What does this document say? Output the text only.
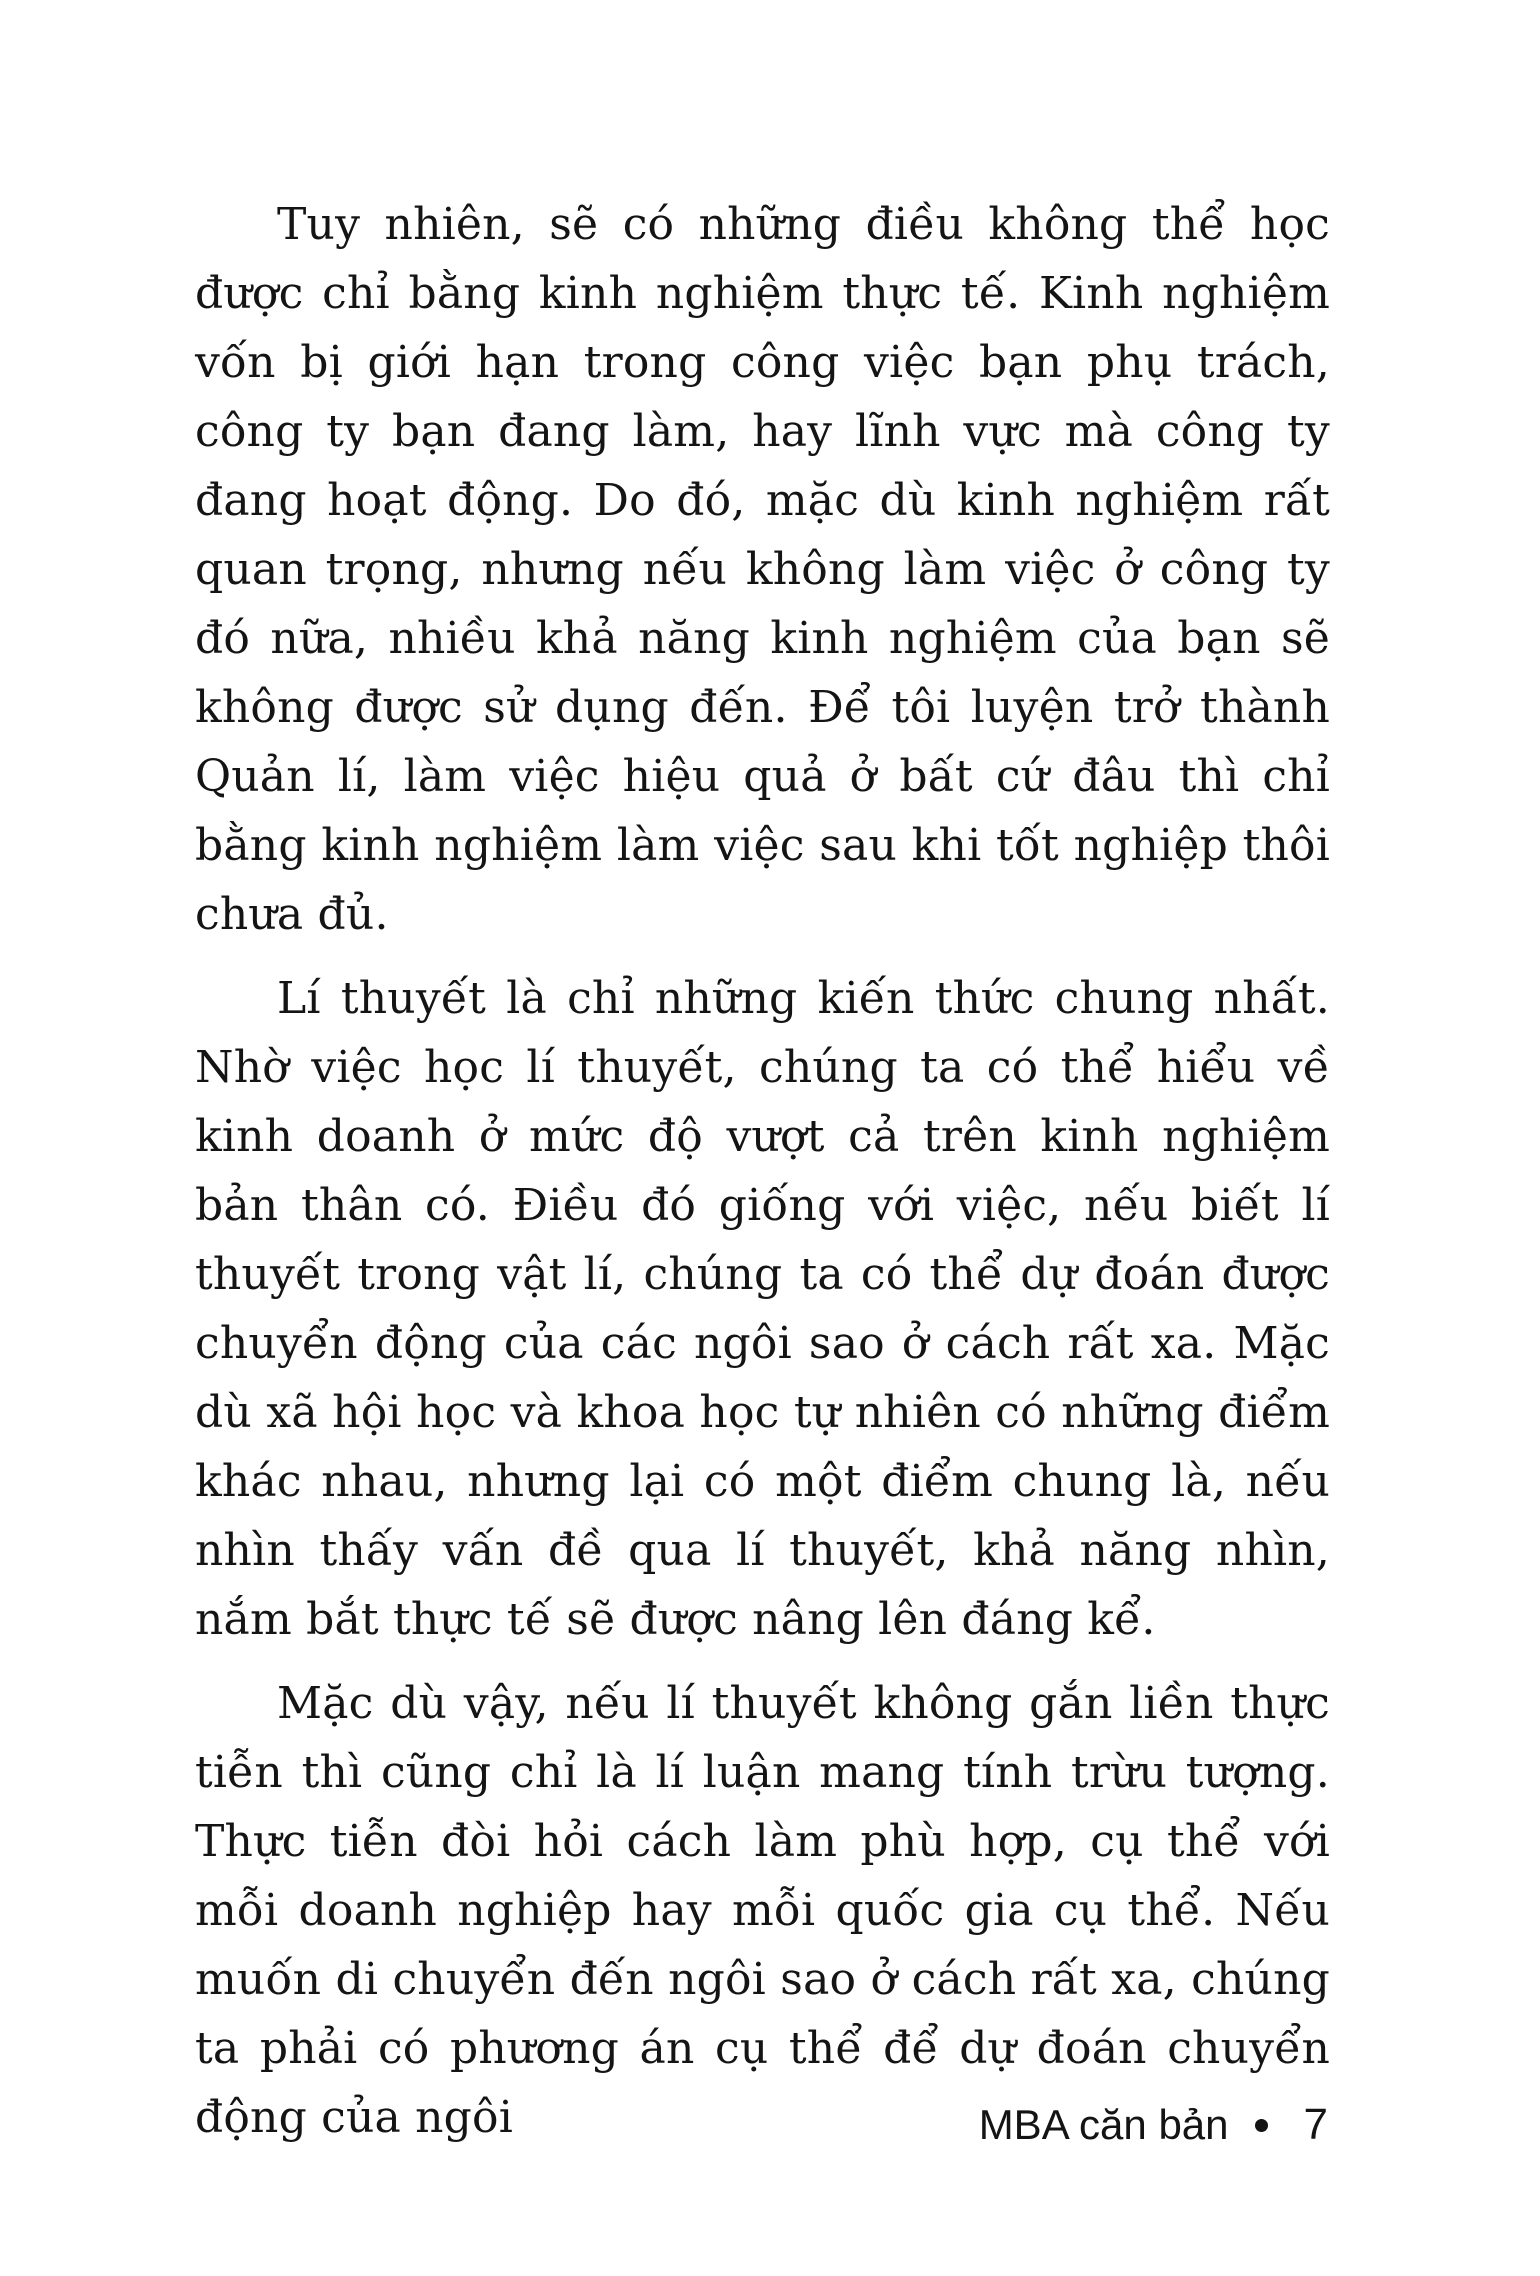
Tuy nhiên, sẽ có những điều không thể học được chỉ bằng kinh nghiệm thực tế. Kinh nghiệm vốn bị giới hạn trong công việc bạn phụ trách, công ty bạn đang làm, hay lĩnh vực mà công ty đang hoạt động. Do đó, mặc dù kinh nghiệm rất quan trọng, nhưng nếu không làm việc ở công ty đó nữa, nhiều khả năng kinh nghiệm của bạn sẽ không được sử dụng đến. Để tôi luyện trở thành Quản lí, làm việc hiệu quả ở bất cứ đâu thì chỉ bằng kinh nghiệm làm việc sau khi tốt nghiệp thôi chưa đủ.

Lí thuyết là chỉ những kiến thức chung nhất. Nhờ việc học lí thuyết, chúng ta có thể hiểu về kinh doanh ở mức độ vượt cả trên kinh nghiệm bản thân có. Điều đó giống với việc, nếu biết lí thuyết trong vật lí, chúng ta có thể dự đoán được chuyển động của các ngôi sao ở cách rất xa. Mặc dù xã hội học và khoa học tự nhiên có những điểm khác nhau, nhưng lại có một điểm chung là, nếu nhìn thấy vấn đề qua lí thuyết, khả năng nhìn, nắm bắt thực tế sẽ được nâng lên đáng kể.

Mặc dù vậy, nếu lí thuyết không gắn liền thực tiễn thì cũng chỉ là lí luận mang tính trừu tượng. Thực tiễn đòi hỏi cách làm phù hợp, cụ thể với mỗi doanh nghiệp hay mỗi quốc gia cụ thể. Nếu muốn di chuyển đến ngôi sao ở cách rất xa, chúng ta phải có phương án cụ thể để dự đoán chuyển động của ngôi	MBA căn bản 7
